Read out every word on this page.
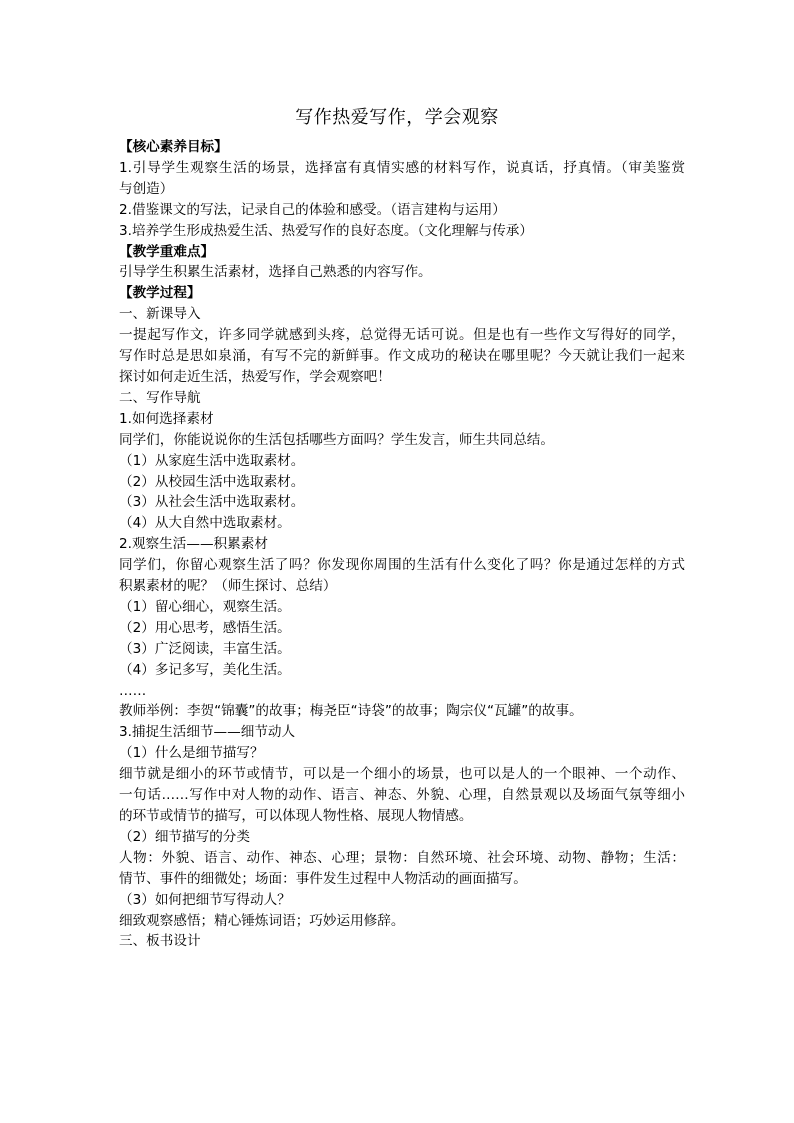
写作热爱写作，学会观察
【核心素养目标】
1.引导学生观察生活的场景，选择富有真情实感的材料写作，说真话，抒真情。（审美鉴赏
与创造）
2.借鉴课文的写法，记录自己的体验和感受。（语言建构与运用）
3.培养学生形成热爱生活、热爱写作的良好态度。（文化理解与传承）
【教学重难点】
引导学生积累生活素材，选择自己熟悉的内容写作。
【教学过程】
一、新课导入
一提起写作文，许多同学就感到头疼，总觉得无话可说。但是也有一些作文写得好的同学，
写作时总是思如泉涌，有写不完的新鲜事。作文成功的秘诀在哪里呢？今天就让我们一起来
探讨如何走近生活，热爱写作，学会观察吧！
二、写作导航
1.如何选择素材
同学们，你能说说你的生活包括哪些方面吗？学生发言，师生共同总结。
（1）从家庭生活中选取素材。
（2）从校园生活中选取素材。
（3）从社会生活中选取素材。
（4）从大自然中选取素材。
2.观察生活——积累素材
同学们，你留心观察生活了吗？你发现你周围的生活有什么变化了吗？你是通过怎样的方式
积累素材的呢？（师生探讨、总结）
（1）留心细心，观察生活。
（2）用心思考，感悟生活。
（3）广泛阅读，丰富生活。
（4）多记多写，美化生活。
……
教师举例：李贺“锦囊”的故事；梅尧臣“诗袋”的故事；陶宗仪“瓦罐”的故事。
3.捕捉生活细节——细节动人
（1）什么是细节描写？
细节就是细小的环节或情节，可以是一个细小的场景，也可以是人的一个眼神、一个动作、
一句话……写作中对人物的动作、语言、神态、外貌、心理，自然景观以及场面气氛等细小
的环节或情节的描写，可以体现人物性格、展现人物情感。
（2）细节描写的分类
人物：外貌、语言、动作、神态、心理；景物：自然环境、社会环境、动物、静物；生活：
情节、事件的细微处；场面：事件发生过程中人物活动的画面描写。
（3）如何把细节写得动人？
细致观察感悟；精心锤炼词语；巧妙运用修辞。
三、板书设计
